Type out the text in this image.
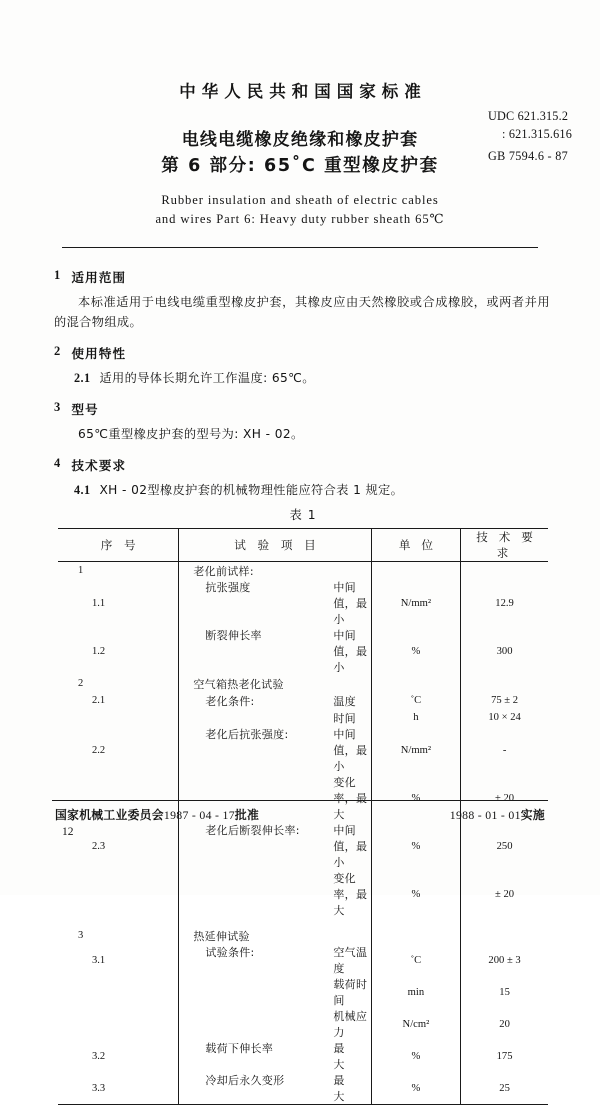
中华人民共和国国家标准
UDC 621.315.2
: 621.315.616
GB 7594.6 - 87
电线电缆橡皮绝缘和橡皮护套
第 6 部分: 65˚C 重型橡皮护套
Rubber insulation and sheath of electric cables
and wires Part 6: Heavy duty rubber sheath 65℃
1 适用范围

本标准适用于电线电缆重型橡皮护套，其橡皮应由天然橡胶或合成橡胶，或两者并用的混合物组成。

2 使用特性

2.1 适用的导体长期允许工作温度: 65℃。

3 型号

65℃重型橡皮护套的型号为: XH - 02。

4 技术要求

4.1 XH - 02型橡皮护套的机械物理性能应符合表 1 规定。

表 1
序 号	试 验 项 目	单 位	技 术 要 求
1	老化前试样:		

1.1	抗张强度 中间值，最小	N/mm²	12.9
1.2	断裂伸长率 中间值，最小	%	300
2	空气箱热老化试验		

2.1	老化条件: 温度	˚C	75 ± 2

	时间	h	10 × 24
2.2	老化后抗张强度: 中间值，最小	N/mm²	-

	变化率，最大	%	± 20
2.3	老化后断裂伸长率: 中间值，最小	%	250

	变化率，最大	%	± 20

3	热延伸试验		

3.1	试验条件: 空气温度	˚C	200 ± 3

	载荷时间	min	15

	机械应力	N/cm²	20
3.2	载荷下伸长率 最大	%	175
3.3	冷却后永久变形 最大	%	25
国家机械工业委员会1987 - 04 - 17批准	1988 - 01 - 01实施
12
